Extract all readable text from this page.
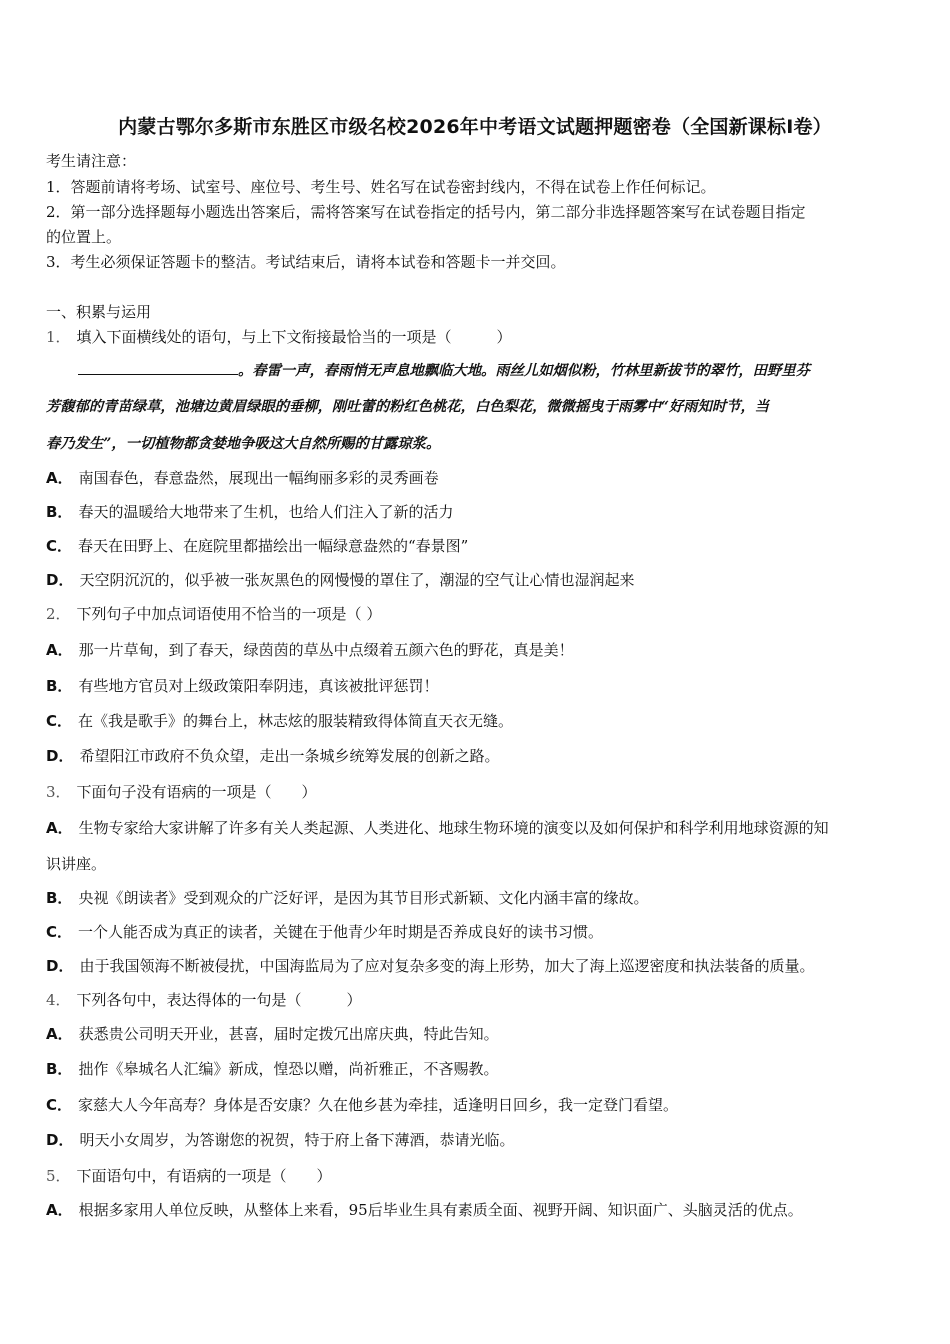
内蒙古鄂尔多斯市东胜区市级名校2026年中考语文试题押题密卷（全国新课标Ⅰ卷）
考生请注意：
1．答题前请将考场、试室号、座位号、考生号、姓名写在试卷密封线内，不得在试卷上作任何标记。
2．第一部分选择题每小题选出答案后，需将答案写在试卷指定的括号内，第二部分非选择题答案写在试卷题目指定
的位置上。
3．考生必须保证答题卡的整洁。考试结束后，请将本试卷和答题卡一并交回。
一、积累与运用
1． 填入下面横线处的语句，与上下文衔接最恰当的一项是（　　　）
。春雷一声，春雨悄无声息地飘临大地。雨丝儿如烟似粉，竹林里新拔节的翠竹，田野里芬
芳馥郁的青苗绿草，池塘边黄眉绿眼的垂柳，刚吐蕾的粉红色桃花，白色梨花，微微摇曳于雨雾中“好雨知时节，当
春乃发生”，一切植物都贪婪地争吸这大自然所赐的甘露琼浆。
A． 南国春色，春意盎然，展现出一幅绚丽多彩的灵秀画卷
B． 春天的温暖给大地带来了生机，也给人们注入了新的活力
C． 春天在田野上、在庭院里都描绘出一幅绿意盎然的“春景图”
D． 天空阴沉沉的，似乎被一张灰黑色的网慢慢的罩住了，潮湿的空气让心情也湿润起来
2． 下列句子中加点词语使用不恰当的一项是（ ）
A． 那一片草甸，到了春天，绿茵茵的草丛中点缀着五颜六色的野花，真是美！
B． 有些地方官员对上级政策阳奉阴违，真该被批评惩罚！
C． 在《我是歌手》的舞台上，林志炫的服装精致得体简直天衣无缝。
D． 希望阳江市政府不负众望，走出一条城乡统筹发展的创新之路。
3． 下面句子没有语病的一项是（　　）
A． 生物专家给大家讲解了许多有关人类起源、人类进化、地球生物环境的演变以及如何保护和科学利用地球资源的知
识讲座。
B． 央视《朗读者》受到观众的广泛好评，是因为其节目形式新颖、文化内涵丰富的缘故。
C． 一个人能否成为真正的读者，关键在于他青少年时期是否养成良好的读书习惯。
D． 由于我国领海不断被侵扰，中国海监局为了应对复杂多变的海上形势，加大了海上巡逻密度和执法装备的质量。
4． 下列各句中，表达得体的一句是（　　　）
A． 获悉贵公司明天开业，甚喜，届时定拨冗出席庆典，特此告知。
B． 拙作《皋城名人汇编》新成，惶恐以赠，尚祈雅正，不吝赐教。
C． 家慈大人今年高寿？身体是否安康？久在他乡甚为牵挂，适逢明日回乡，我一定登门看望。
D． 明天小女周岁，为答谢您的祝贺，特于府上备下薄酒，恭请光临。
5． 下面语句中，有语病的一项是（　　）
A． 根据多家用人单位反映，从整体上来看，95后毕业生具有素质全面、视野开阔、知识面广、头脑灵活的优点。
